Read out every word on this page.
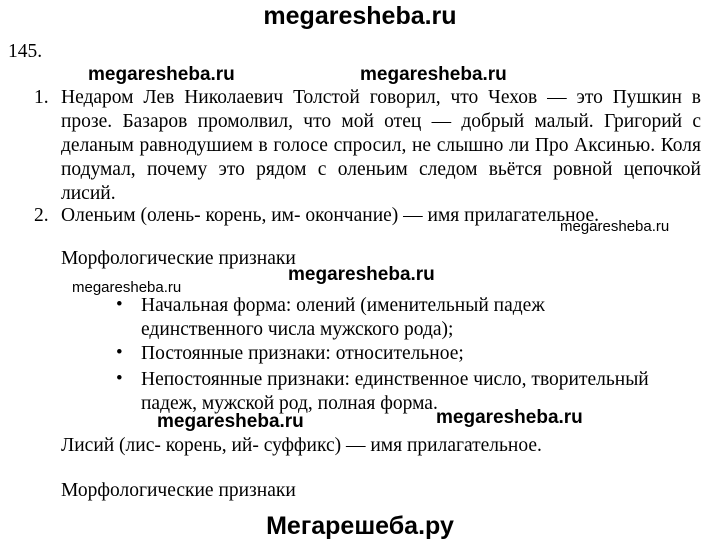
megaresheba.ru
145.
megaresheba.ru	megaresheba.ru
1. Недаром Лев Николаевич Толстой говорил, что Чехов — это Пушкин в прозе. Базаров промолвил, что мой отец — добрый малый. Григорий с деланым равнодушием в голосе спросил, не слышно ли Про Аксинью. Коля подумал, почему это рядом с оленьим следом вьётся ровной цепочкой лисий.
2. Оленьим (олень- корень, им- окончание) — имя прилагательное.
megaresheba.ru
Морфологические признаки
megaresheba.ru
megaresheba.ru
• Начальная форма: олений (именительный падеж
единственного числа мужского рода);
• Постоянные признаки: относительное;
• Непостоянные признаки: единственное число, творительный
падеж, мужской род, полная форма.
megaresheba.ru
megaresheba.ru
Лисий (лис- корень, ий- суффикс) — имя прилагательное.
Морфологические признаки
Мегарешеба.ру
